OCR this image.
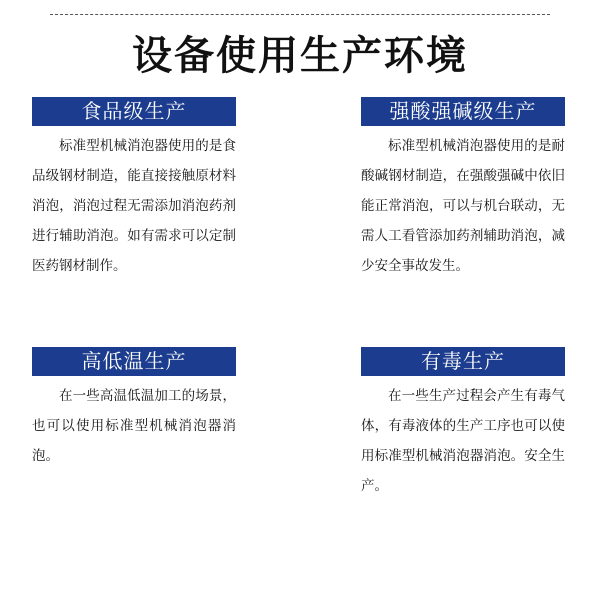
设备使用生产环境
食品级生产
标准型机械消泡器使用的是食品级钢材制造，能直接接触原材料消泡，消泡过程无需添加消泡药剂进行辅助消泡。如有需求可以定制医药钢材制作。
强酸强碱级生产
标准型机械消泡器使用的是耐酸碱钢材制造，在强酸强碱中依旧能正常消泡，可以与机台联动，无需人工看管添加药剂辅助消泡，减少安全事故发生。
高低温生产
在一些高温低温加工的场景，也可以使用标准型机械消泡器消泡。
有毒生产
在一些生产过程会产生有毒气体，有毒液体的生产工序也可以使用标准型机械消泡器消泡。安全生产。
